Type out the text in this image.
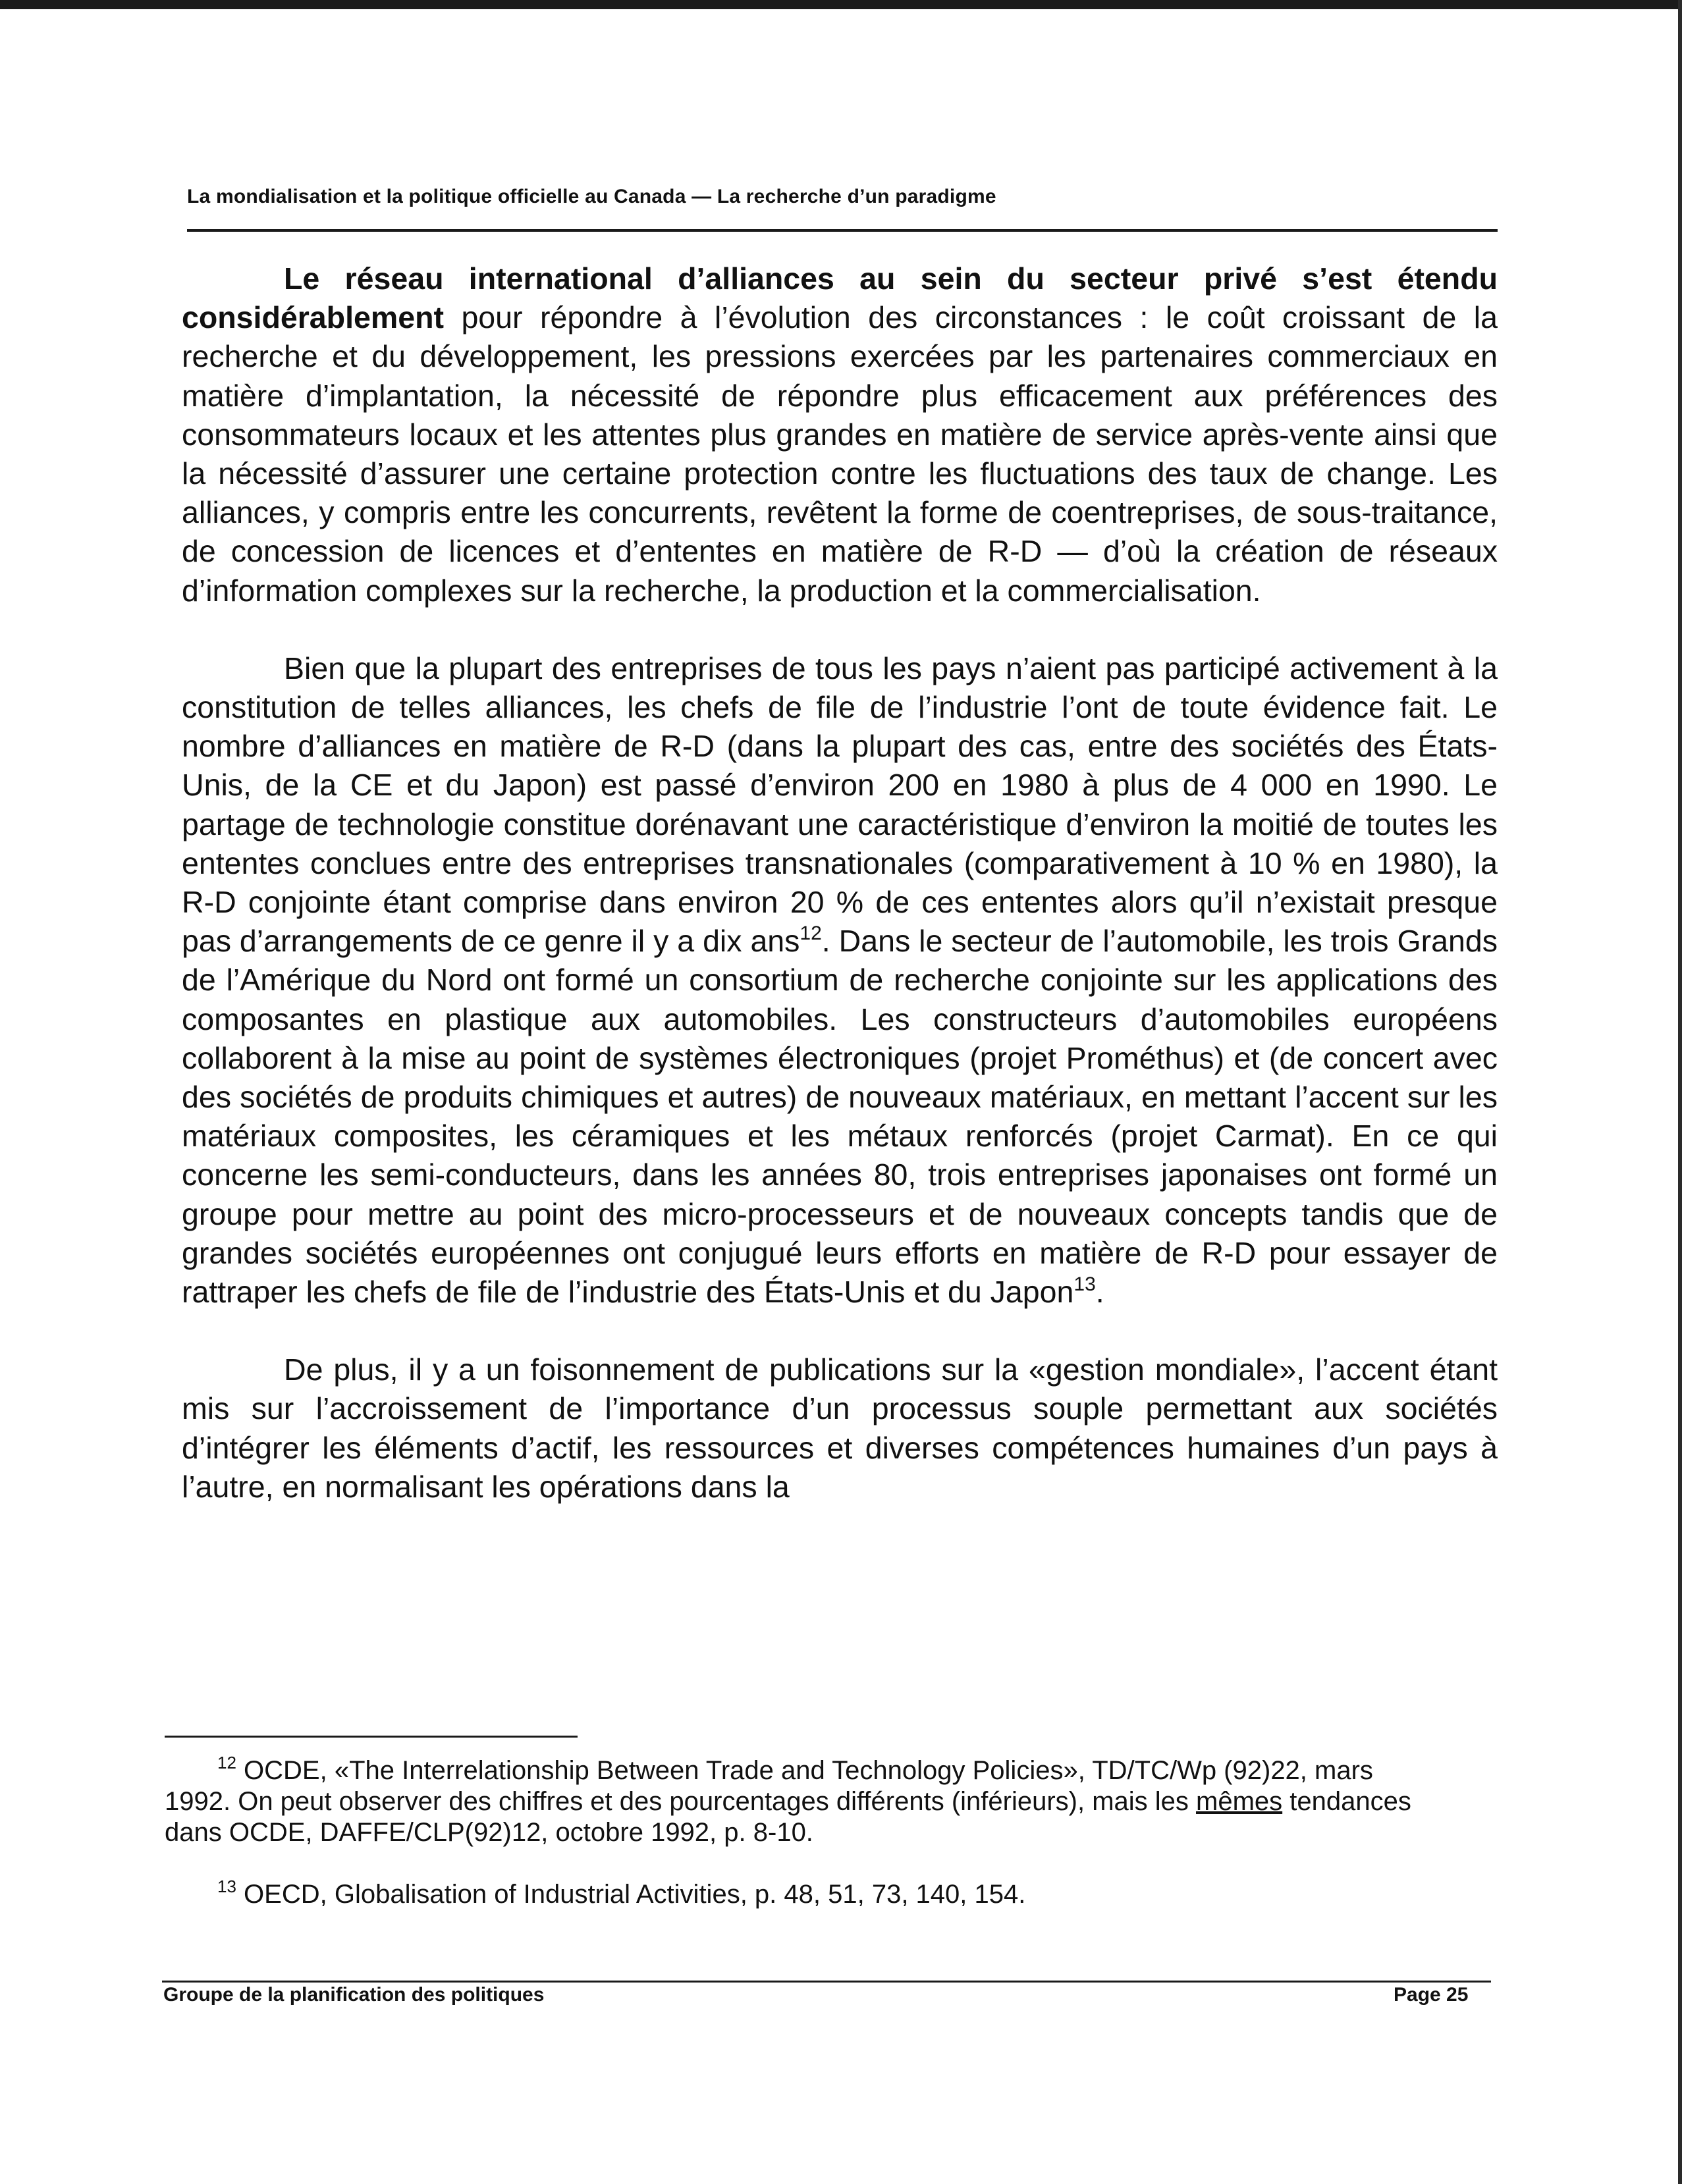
La mondialisation et la politique officielle au Canada — La recherche d’un paradigme

Le réseau international d’alliances au sein du secteur privé s’est étendu considérablement pour répondre à l’évolution des circonstances : le coût croissant de la recherche et du développement, les pressions exercées par les partenaires commerciaux en matière d’implantation, la nécessité de répondre plus efficacement aux préférences des consommateurs locaux et les attentes plus grandes en matière de service après-vente ainsi que la nécessité d’assurer une certaine protection contre les fluctuations des taux de change. Les alliances, y compris entre les concurrents, revêtent la forme de coentreprises, de sous-traitance, de concession de licences et d’ententes en matière de R-D — d’où la création de réseaux d’information complexes sur la recherche, la production et la commercialisation.

Bien que la plupart des entreprises de tous les pays n’aient pas participé activement à la constitution de telles alliances, les chefs de file de l’industrie l’ont de toute évidence fait. Le nombre d’alliances en matière de R-D (dans la plupart des cas, entre des sociétés des États-Unis, de la CE et du Japon) est passé d’environ 200 en 1980 à plus de 4 000 en 1990. Le partage de technologie constitue dorénavant une caractéristique d’environ la moitié de toutes les ententes conclues entre des entreprises transnationales (comparativement à 10 % en 1980), la R-D conjointe étant comprise dans environ 20 % de ces ententes alors qu’il n’existait presque pas d’arrangements de ce genre il y a dix ans$^{12}$. Dans le secteur de l’automobile, les trois Grands de l’Amérique du Nord ont formé un consortium de recherche conjointe sur les applications des composantes en plastique aux automobiles. Les constructeurs d’automobiles européens collaborent à la mise au point de systèmes électroniques (projet Prométhus) et (de concert avec des sociétés de produits chimiques et autres) de nouveaux matériaux, en mettant l’accent sur les matériaux composites, les céramiques et les métaux renforcés (projet Carmat). En ce qui concerne les semi-conducteurs, dans les années 80, trois entreprises japonaises ont formé un groupe pour mettre au point des micro-processeurs et de nouveaux concepts tandis que de grandes sociétés européennes ont conjugué leurs efforts en matière de R-D pour essayer de rattraper les chefs de file de l’industrie des États-Unis et du Japon$^{13}$.

De plus, il y a un foisonnement de publications sur la «gestion mondiale», l’accent étant mis sur l’accroissement de l’importance d’un processus souple permettant aux sociétés d’intégrer les éléments d’actif, les ressources et diverses compétences humaines d’un pays à l’autre, en normalisant les opérations dans la

$^{12}$ OCDE, «The Interrelationship Between Trade and Technology Policies», TD/TC/Wp (92)22, mars 1992. On peut observer des chiffres et des pourcentages différents (inférieurs), mais les mêmes tendances dans OCDE, DAFFE/CLP(92)12, octobre 1992, p. 8-10.

$^{13}$ OECD, Globalisation of Industrial Activities, p. 48, 51, 73, 140, 154.

Groupe de la planification des politiques	Page 25
